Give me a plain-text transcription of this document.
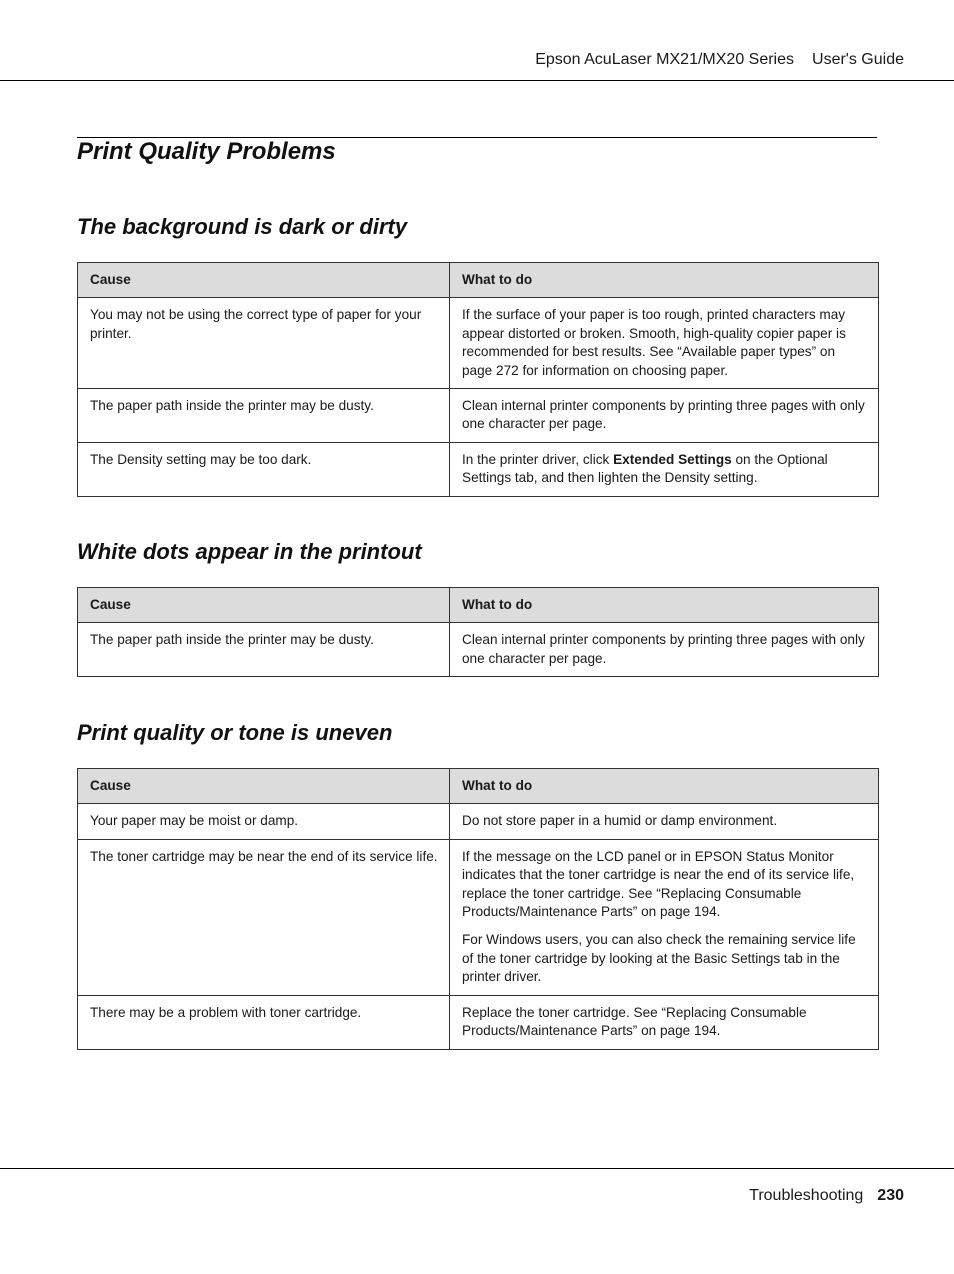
Epson AcuLaser MX21/MX20 Series User's Guide
Print Quality Problems
The background is dark or dirty
Cause	What to do
You may not be using the correct type of paper for your printer.	If the surface of your paper is too rough, printed characters may appear distorted or broken. Smooth, high-quality copier paper is recommended for best results. See “Available paper types” on page 272 for information on choosing paper.

The paper path inside the printer may be dusty.	Clean internal printer components by printing three pages with only one character per page.

The Density setting may be too dark.	In the printer driver, click Extended Settings on the Optional Settings tab, and then lighten the Density setting.

White dots appear in the printout
Cause	What to do
The paper path inside the printer may be dusty.	Clean internal printer components by printing three pages with only one character per page.

Print quality or tone is uneven
Cause	What to do
Your paper may be moist or damp.	Do not store paper in a humid or damp environment.

The toner cartridge may be near the end of its service life.	If the message on the LCD panel or in EPSON Status Monitor indicates that the toner cartridge is near the end of its service life, replace the toner cartridge. See “Replacing Consumable Products/Maintenance Parts” on page 194.

For Windows users, you can also check the remaining service life of the toner cartridge by looking at the Basic Settings tab in the printer driver.

There may be a problem with toner cartridge.	Replace the toner cartridge. See “Replacing Consumable Products/Maintenance Parts” on page 194.

Troubleshooting 230
